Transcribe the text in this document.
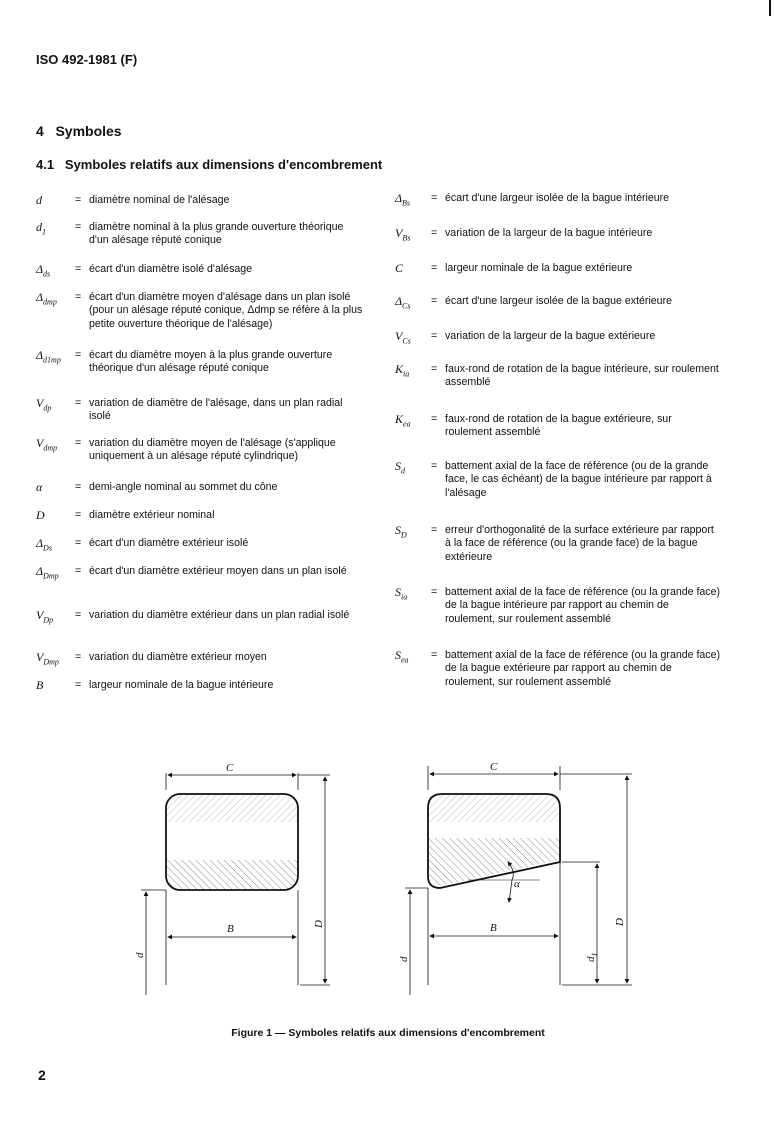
ISO 492-1981 (F)
4   Symboles
4.1   Symboles relatifs aux dimensions d'encombrement
d	= diamètre nominal de l'alésage
$d_1$	= diamètre nominal à la plus grande ouverture théorique d'un alésage réputé conique
$\Delta_{ds}$ = écart d'un diamètre isolé d'alésage
$\Delta_{dmp}$ = écart d'un diamètre moyen d'alésage dans un plan isolé (pour un alésage réputé conique, Δdmp se réfère à la plus petite ouverture théorique de l'alésage)
$\Delta_{d1mp}$ = écart du diamètre moyen à la plus grande ouverture théorique d'un alésage réputé conique
$V_{dp}$ = variation de diamètre de l'alésage, dans un plan radial isolé
$V_{dmp}$ = variation du diamètre moyen de l'alésage (s'applique uniquement à un alésage réputé cylindrique)
α	= demi-angle nominal au sommet du cône
D	= diamètre extérieur nominal
$\Delta_{Ds}$ = écart d'un diamètre extérieur isolé
$\Delta_{Dmp}$ = écart d'un diamètre extérieur moyen dans un plan isolé
$V_{Dp}$ = variation du diamètre extérieur dans un plan radial isolé
$V_{Dmp}$ = variation du diamètre extérieur moyen
B	= largeur nominale de la bague intérieure
$\Delta_{Bs}$ = écart d'une largeur isolée de la bague intérieure
$V_{Bs}$ = variation de la largeur de la bague intérieure
C	= largeur nominale de la bague extérieure
$\Delta_{Cs}$ = écart d'une largeur isolée de la bague extérieure
$V_{Cs}$ = variation de la largeur de la bague extérieure
$K_{ia}$ = faux-rond de rotation de la bague intérieure, sur roulement assemblé
$K_{ea}$ = faux-rond de rotation de la bague extérieure, sur roulement assemblé
$S_d$ = battement axial de la face de référence (ou de la grande face, le cas échéant) de la bague intérieure par rapport à l'alésage
$S_D$ = erreur d'orthogonalité de la surface extérieure par rapport à la face de référence (ou la grande face) de la bague extérieure
$S_{ia}$ = battement axial de la face de référence (ou la grande face) de la bague intérieure par rapport au chemin de roulement, sur roulement assemblé
$S_{ea}$ = battement axial de la face de référence (ou la grande face) de la bague extérieure par rapport au chemin de roulement, sur roulement assemblé
C
B	D
d
C
B	D
d	$d_1$
α
Figure 1 — Symboles relatifs aux dimensions d'encombrement
2
